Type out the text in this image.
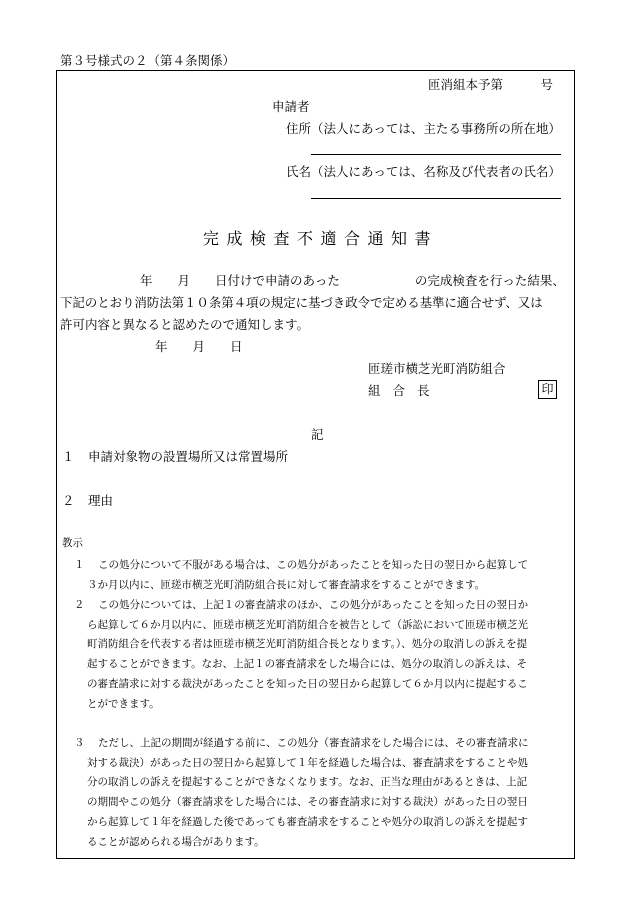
第３号様式の２（第４条関係）
匝消組本予第　　　号
申請者
住所（法人にあっては、主たる事務所の所在地）
氏名（法人にあっては、名称及び代表者の氏名）
完成検査不適合通知書
年　　月　　日付けで申請のあった　　　　　　の完成検査を行った結果、
下記のとおり消防法第１０条第４項の規定に基づき政令で定める基準に適合せず、又は
許可内容と異なると認めたので通知します。
年　　月　　日
匝瑳市横芝光町消防組合
組 合 長	印
記
１ 申請対象物の設置場所又は常置場所
２ 理由
教示
１	この処分について不服がある場合は、この処分があったことを知った日の翌日から起算して
３か月以内に、匝瑳市横芝光町消防組合長に対して審査請求をすることができます。
２	この処分については、上記１の審査請求のほか、この処分があったことを知った日の翌日か
ら起算して６か月以内に、匝瑳市横芝光町消防組合を被告として（訴訟において匝瑳市横芝光
町消防組合を代表する者は匝瑳市横芝光町消防組合長となります。）、処分の取消しの訴えを提
起することができます。なお、上記１の審査請求をした場合には、処分の取消しの訴えは、そ
の審査請求に対する裁決があったことを知った日の翌日から起算して６か月以内に提起するこ
とができます。
３	ただし、上記の期間が経過する前に、この処分（審査請求をした場合には、その審査請求に
対する裁決）があった日の翌日から起算して１年を経過した場合は、審査請求をすることや処
分の取消しの訴えを提起することができなくなります。なお、正当な理由があるときは、上記
の期間やこの処分（審査請求をした場合には、その審査請求に対する裁決）があった日の翌日
から起算して１年を経過した後であっても審査請求をすることや処分の取消しの訴えを提起す
ることが認められる場合があります。
